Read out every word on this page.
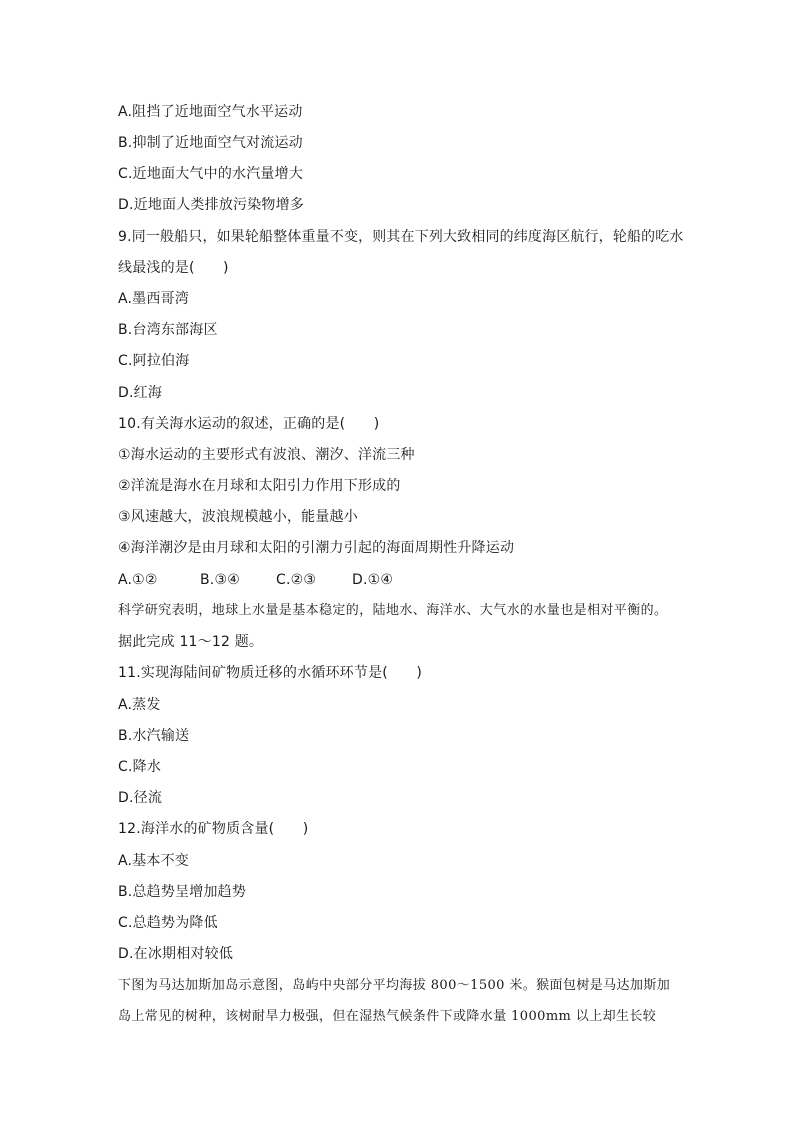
A.阻挡了近地面空气水平运动
B.抑制了近地面空气对流运动
C.近地面大气中的水汽量增大
D.近地面人类排放污染物增多
9.同一般船只，如果轮船整体重量不变，则其在下列大致相同的纬度海区航行，轮船的吃水
线最浅的是(　　)
A.墨西哥湾
B.台湾东部海区
C.阿拉伯海
D.红海
10.有关海水运动的叙述，正确的是(　　)
①海水运动的主要形式有波浪、潮汐、洋流三种
②洋流是海水在月球和太阳引力作用下形成的
③风速越大，波浪规模越小，能量越小
④海洋潮汐是由月球和太阳的引潮力引起的海面周期性升降运动
A.①②	B.③④	C.②③	D.①④
科学研究表明，地球上水量是基本稳定的，陆地水、海洋水、大气水的水量也是相对平衡的。
据此完成 11～12 题。
11.实现海陆间矿物质迁移的水循环环节是(　　)
A.蒸发
B.水汽输送
C.降水
D.径流
12.海洋水的矿物质含量(　　)
A.基本不变
B.总趋势呈增加趋势
C.总趋势为降低
D.在冰期相对较低
下图为马达加斯加岛示意图，岛屿中央部分平均海拔 800～1500 米。猴面包树是马达加斯加
岛上常见的树种，该树耐旱力极强，但在湿热气候条件下或降水量 1000mm 以上却生长较
